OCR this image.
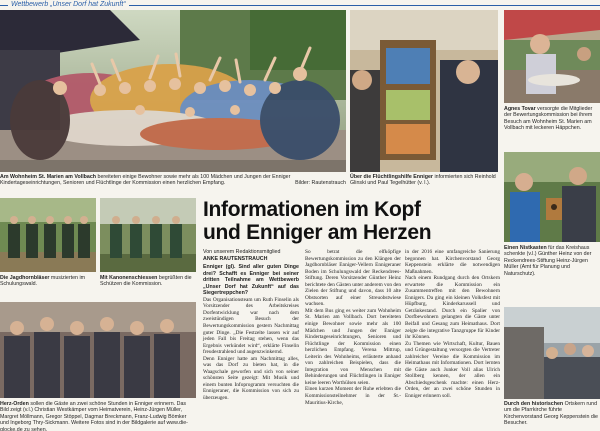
Wettbewerb „Unser Dorf hat Zukunft“
Am Wohnheim St. Marien am Vollbach bereiteten einige Bewohner sowie mehr als 100 Mädchen und Jungen der Enniger Kindertageseinrichtungen, Senioren und Flüchtlinge der Kommission einen herzlichen Empfang.	Bilder: Rautenstrauch
Über die Flüchtlingshilfe Enniger informierten sich Reinhold Glinski und Paul Tegelhütter (v. l.).
Agnes Tovar versorgte die Mitglieder der Bewertungskommission bei ihrem Besuch am Wohnheim St. Marien am Vollbach mit leckeren Häppchen.
Einen Nistkasten für das Kreishaus schenkte (v.l.) Günther Heinz von der Reckendrees-Stiftung Heinz-Jürgen Müller (Amt für Planung und Naturschutz).
Durch den historischen Ortskern rund um die Pfarrkirche führte Kirchenvorstand Georg Keppenstein die Besucher.
Die Jagdhornbläser musizierten im Schulungswald.
Mit Kanonenschiessen begrüßten die Schützen die Kommission.
Herz-Orden sollen die Gäste an zwei schöne Stunden in Enniger erinnern. Das Bild zeigt (v.l.) Christian Westkämper vom Heimatverein, Heinz-Jürgen Müller, Margret Möllmann, Gregor Stöppel, Dagmar Breckmann, Franz-Ludwig Bömker und Ingeborg Thry-Sickmann. Weitere Fotos sind in der Bildgalerie auf www.die-glocke.de zu sehen.
Informationen im Kopf
und Enniger am Herzen

Von unserem Redaktionsmitglied

ANKE RAUTENSTRAUCH

Enniger (gl). Sind aller guten Dinge drei? Schafft es Enniger bei seiner dritten Teilnahme am Wettbewerb „Unser Dorf hat Zukunft“ auf das Siegertreppchen?

Das Organisationsteam um Ruth Finselin als Vorsitzender des Arbeitskreises Dorfentwicklung war nach dem zweistündigen Besuch der Bewertungskommission gestern Nachmittag guter Dinge. „Die Festzelte lassen wir auf jeden Fall bis Freitag stehen, wenn das Ergebnis verkündet wird“, erklärte Finselin freudestrahlend und augenzwinkernd.

Denn Enniger hatte am Nachmittag alles, was das Dorf zu bieten hat, in die Waagschale geworfen und sich von seiner schönsten Seite gezeigt: Mit Musik und einem bunten Infoprogramm versuchten die Ennigeraner, die Kommission von sich zu überzeugen.

So betrat die elfköpfige Bewertungskommission zu den Klängen der Jagdhornbläser Enniger-Vellern Ennigeraner Boden im Schulungswald der Reckendrees-Stiftung. Deren Vorsitzender Günther Heinz berichtete den Gästen unter anderem von den Zielen der Stiftung und davon, dass 10 alte Obstsorten auf einer Streuobstwiese wachsen.

Mit dem Bus ging es weiter zum Wohnheim St. Marien am Vollbach. Dort bereiteten einige Bewohner sowie mehr als 100 Mädchen und Jungen der Enniger Kindertageseinrichtungen, Senioren und Flüchtlinge der Kommission einen herzlichen Empfang. Verena Mittrup, Leiterin des Wohnheims, erläuterte anhand von zahlreichen Beispielen, dass die Integration von Menschen mit Behinderungen und Flüchtlingen in Enniger keine leeren Worthülsen seien.

Einen kurzen Moment der Ruhe erlebten die Kommissionsteilnehmer in der St.-Mauritius-Kirche,

in der 2016 eine umfangreiche Sanierung begonnen hat. Kirchenvorstand Georg Keppenstein erklärte die notwendigen Maßnahmen.

Nach einem Rundgang durch den Ortskern erwartete die Kommission ein Zusammentreffen mit den Bewohnern Ennigers. Da ging ein kleinen Volksfest mit Hüpfburg, Kinderkarussell und Getränkestand. Durch ein Spalier von Dorfbewohnern gelangten die Gäste unter Beifall und Gesang zum Heimathaus. Dort zeigte die integrative Tanzgruppe für Kinder ihr Können.

Zu Themen wie Wirtschaft, Kultur, Bauen und Grüngestaltung versorgten die Vertreter zahlreicher Vereine die Kommission im Heimathaus mit Informationen. Dort lernten die Gäste auch Junker Voll alias Ulrich Stollberg kennen, der allen ein Abschiedsgeschenk machte: einen Herz-Orden, der an zwei schöne Stunden in Enniger erinnern soll.
